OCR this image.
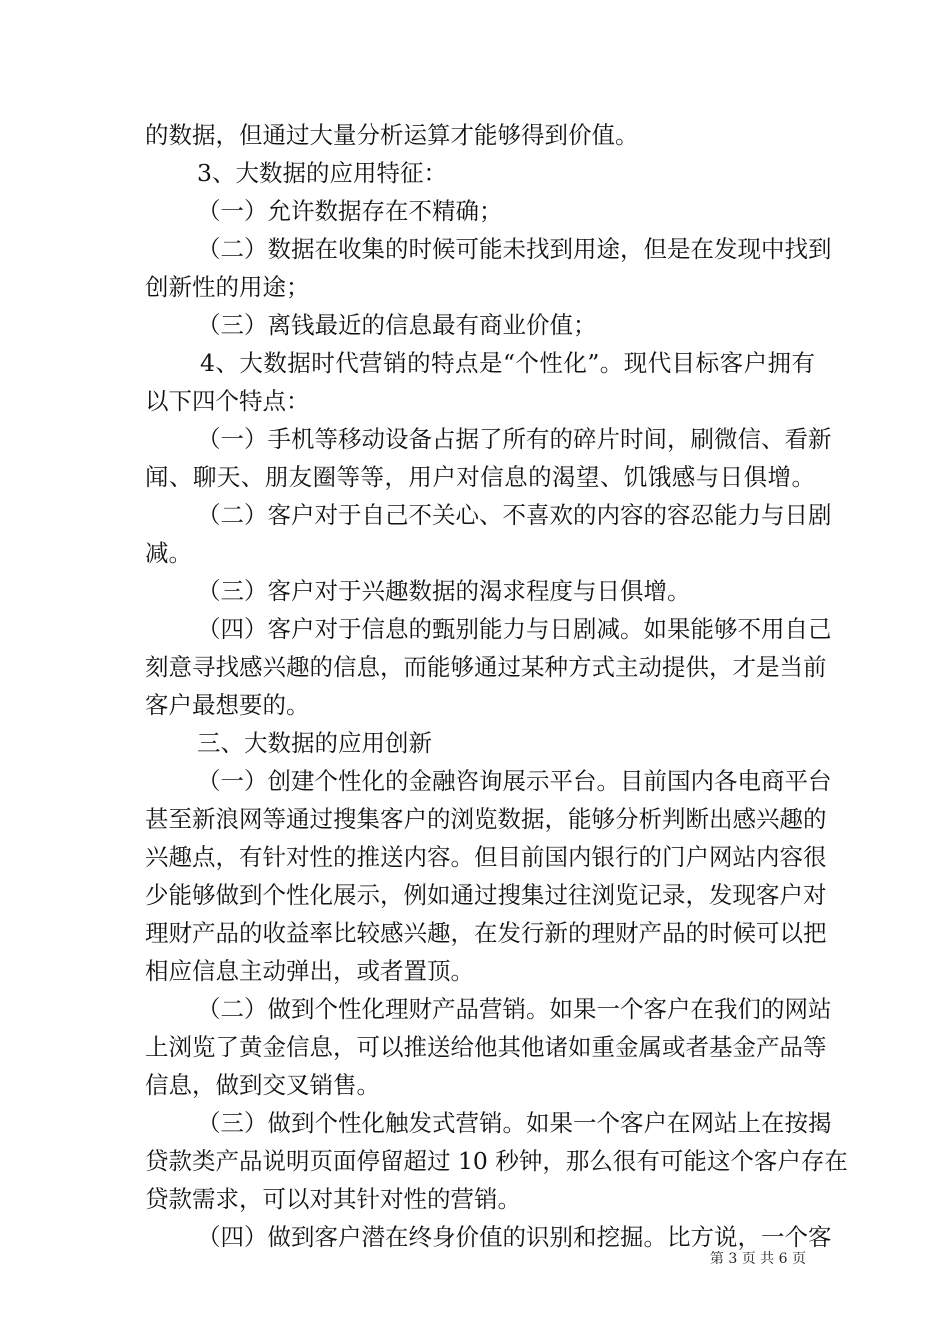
的数据，但通过大量分析运算才能够得到价值。
3、大数据的应用特征：
（一）允许数据存在不精确；
（二）数据在收集的时候可能未找到用途，但是在发现中找到
创新性的用途；
（三）离钱最近的信息最有商业价值；
4、大数据时代营销的特点是“个性化”。现代目标客户拥有
以下四个特点：
（一）手机等移动设备占据了所有的碎片时间，刷微信、看新
闻、聊天、朋友圈等等，用户对信息的渴望、饥饿感与日俱增。
（二）客户对于自己不关心、不喜欢的内容的容忍能力与日剧
减。
（三）客户对于兴趣数据的渴求程度与日俱增。
（四）客户对于信息的甄别能力与日剧减。如果能够不用自己
刻意寻找感兴趣的信息，而能够通过某种方式主动提供，才是当前
客户最想要的。
三、大数据的应用创新
（一）创建个性化的金融咨询展示平台。目前国内各电商平台
甚至新浪网等通过搜集客户的浏览数据，能够分析判断出感兴趣的
兴趣点，有针对性的推送内容。但目前国内银行的门户网站内容很
少能够做到个性化展示，例如通过搜集过往浏览记录，发现客户对
理财产品的收益率比较感兴趣，在发行新的理财产品的时候可以把
相应信息主动弹出，或者置顶。
（二）做到个性化理财产品营销。如果一个客户在我们的网站
上浏览了黄金信息，可以推送给他其他诸如重金属或者基金产品等
信息，做到交叉销售。
（三）做到个性化触发式营销。如果一个客户在网站上在按揭
贷款类产品说明页面停留超过 10 秒钟，那么很有可能这个客户存在
贷款需求，可以对其针对性的营销。
（四）做到客户潜在终身价值的识别和挖掘。比方说，一个客
第 3 页 共 6 页
